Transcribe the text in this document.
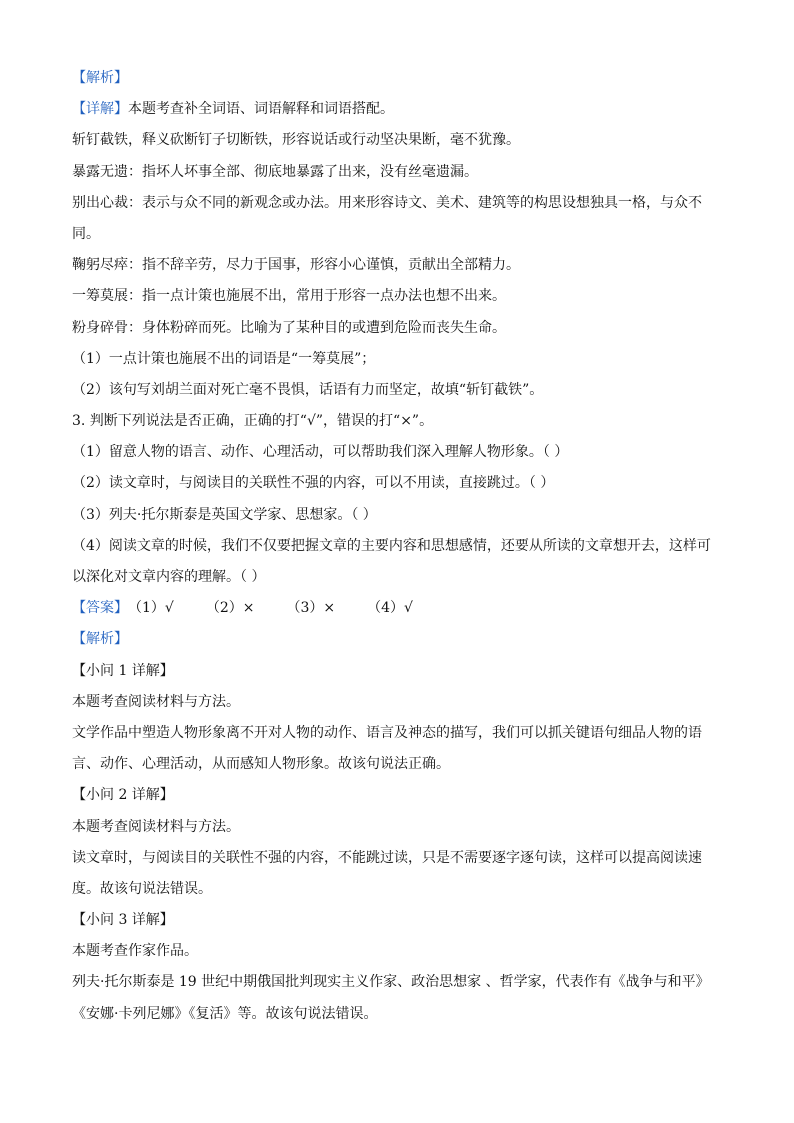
【解析】
【详解】本题考查补全词语、词语解释和词语搭配。
斩钉截铁，释义砍断钉子切断铁，形容说话或行动坚决果断，毫不犹豫。
暴露无遗：指坏人坏事全部、彻底地暴露了出来，没有丝毫遗漏。
别出心裁：表示与众不同的新观念或办法。用来形容诗文、美术、建筑等的构思设想独具一格，与众不
同。
鞠躬尽瘁：指不辞辛劳，尽力于国事，形容小心谨慎，贡献出全部精力。
一筹莫展：指一点计策也施展不出，常用于形容一点办法也想不出来。
粉身碎骨：身体粉碎而死。比喻为了某种目的或遭到危险而丧失生命。
（1）一点计策也施展不出的词语是“一筹莫展”；
（2）该句写刘胡兰面对死亡毫不畏惧，话语有力而坚定，故填“斩钉截铁”。
3. 判断下列说法是否正确，正确的打“√”，错误的打“×”。
（1）留意人物的语言、动作、心理活动，可以帮助我们深入理解人物形象。（ ）
（2）读文章时，与阅读目的关联性不强的内容，可以不用读，直接跳过。（ ）
（3）列夫·托尔斯泰是英国文学家、思想家。（ ）
（4）阅读文章的时候，我们不仅要把握文章的主要内容和思想感情，还要从所读的文章想开去，这样可
以深化对文章内容的理解。（ ）
【答案】（1）√ （2）× （3）× （4）√
【解析】
【小问 1 详解】
本题考查阅读材料与方法。
文学作品中塑造人物形象离不开对人物的动作、语言及神态的描写，我们可以抓关键语句细品人物的语
言、动作、心理活动，从而感知人物形象。故该句说法正确。
【小问 2 详解】
本题考查阅读材料与方法。
读文章时，与阅读目的关联性不强的内容，不能跳过读，只是不需要逐字逐句读，这样可以提高阅读速
度。故该句说法错误。
【小问 3 详解】
本题考查作家作品。
列夫·托尔斯泰是 19 世纪中期俄国批判现实主义作家、政治思想家 、哲学家，代表作有《战争与和平》
《安娜·卡列尼娜》《复活》等。故该句说法错误。
